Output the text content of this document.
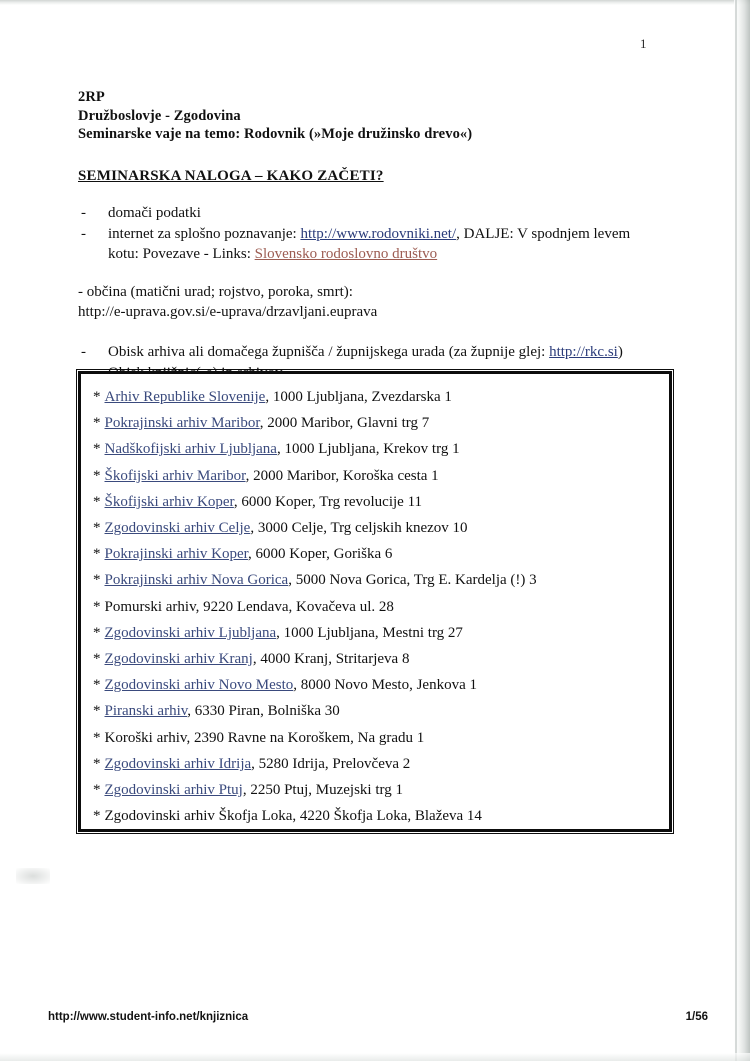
1
2RP
Družboslovje - Zgodovina
Seminarske vaje na temo: Rodovnik (»Moje družinsko drevo«)
SEMINARSKA NALOGA – KAKO ZAČETI?
- domači podatki
- internet za splošno poznavanje: http://www.rodovniki.net/, DALJE: V spodnjem levem
kotu: Povezave - Links: Slovensko rodoslovno društvo
- občina (matični urad; rojstvo, poroka, smrt):
http://e-uprava.gov.si/e-uprava/drzavljani.euprava
- Obisk arhiva ali domačega župnišča / župnijskega urada (za župnije glej: http://rkc.si)
* Arhiv Republike Slovenije, 1000 Ljubljana, Zvezdarska 1
* Pokrajinski arhiv Maribor, 2000 Maribor, Glavni trg 7
* Nadškofijski arhiv Ljubljana, 1000 Ljubljana, Krekov trg 1
* Škofijski arhiv Maribor, 2000 Maribor, Koroška cesta 1
* Škofijski arhiv Koper, 6000 Koper, Trg revolucije 11
* Zgodovinski arhiv Celje, 3000 Celje, Trg celjskih knezov 10
* Pokrajinski arhiv Koper, 6000 Koper, Goriška 6
* Pokrajinski arhiv Nova Gorica, 5000 Nova Gorica, Trg E. Kardelja (!) 3
* Pomurski arhiv, 9220 Lendava, Kovačeva ul. 28
* Zgodovinski arhiv Ljubljana, 1000 Ljubljana, Mestni trg 27
* Zgodovinski arhiv Kranj, 4000 Kranj, Stritarjeva 8
* Zgodovinski arhiv Novo Mesto, 8000 Novo Mesto, Jenkova 1
* Piranski arhiv, 6330 Piran, Bolniška 30
* Koroški arhiv, 2390 Ravne na Koroškem, Na gradu 1
* Zgodovinski arhiv Idrija, 5280 Idrija, Prelovčeva 2
* Zgodovinski arhiv Ptuj, 2250 Ptuj, Muzejski trg 1
* Zgodovinski arhiv Škofja Loka, 4220 Škofja Loka, Blaževa 14
http://www.student-info.net/knjiznica	1/56
